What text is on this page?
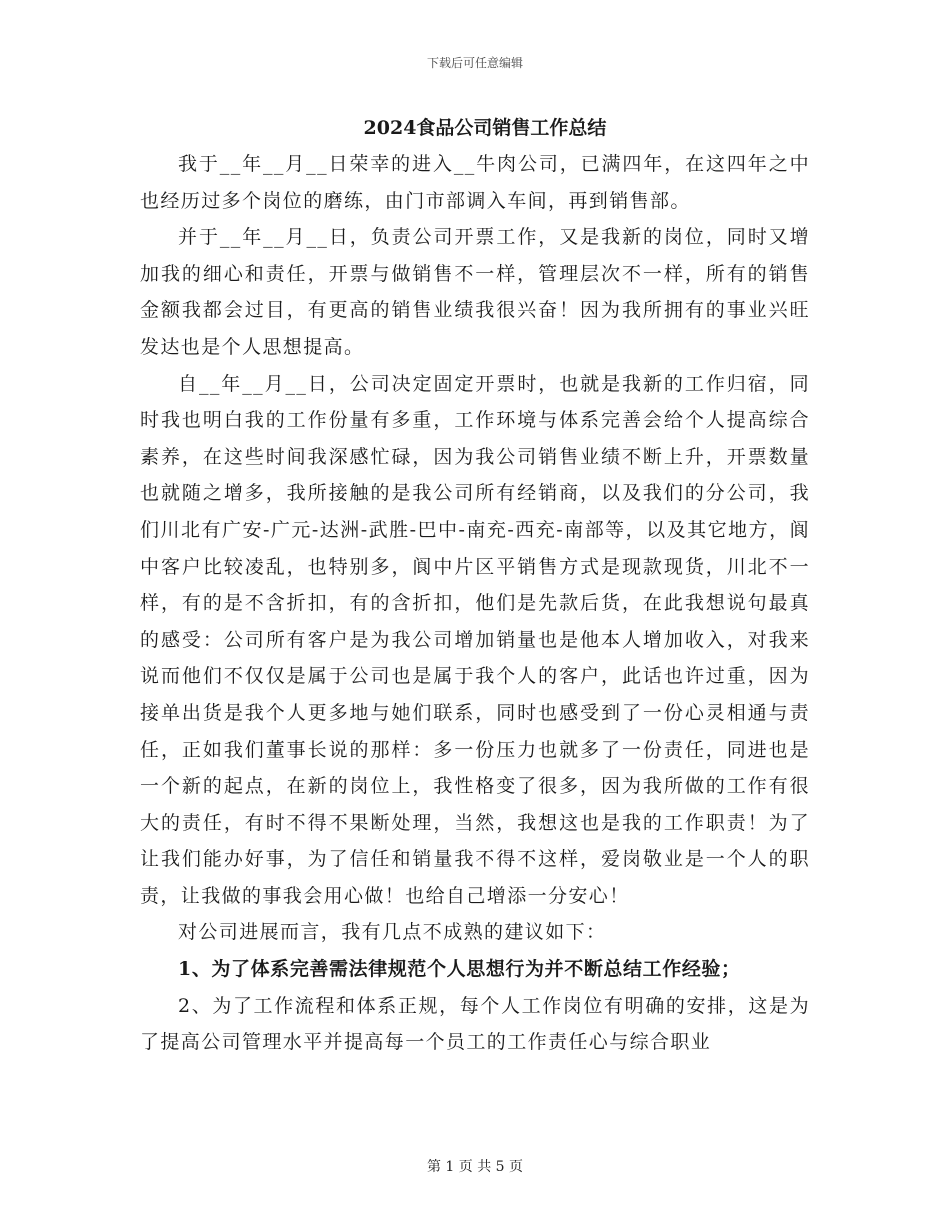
下载后可任意编辑
2024食品公司销售工作总结

我于__年__月__日荣幸的进入__牛肉公司，已满四年，在这四年之中也经历过多个岗位的磨练，由门市部调入车间，再到销售部。

并于__年__月__日，负责公司开票工作，又是我新的岗位，同时又增加我的细心和责任，开票与做销售不一样，管理层次不一样，所有的销售金额我都会过目，有更高的销售业绩我很兴奋！因为我所拥有的事业兴旺发达也是个人思想提高。

自__年__月__日，公司决定固定开票时，也就是我新的工作归宿，同时我也明白我的工作份量有多重，工作环境与体系完善会给个人提高综合素养，在这些时间我深感忙碌，因为我公司销售业绩不断上升，开票数量也就随之增多，我所接触的是我公司所有经销商，以及我们的分公司，我们川北有广安-广元-达洲-武胜-巴中-南充-西充-南部等，以及其它地方，阆中客户比较凌乱，也特别多，阆中片区平销售方式是现款现货，川北不一样，有的是不含折扣，有的含折扣，他们是先款后货，在此我想说句最真的感受：公司所有客户是为我公司增加销量也是他本人增加收入，对我来说而他们不仅仅是属于公司也是属于我个人的客户，此话也许过重，因为接单出货是我个人更多地与她们联系，同时也感受到了一份心灵相通与责任，正如我们董事长说的那样：多一份压力也就多了一份责任，同进也是一个新的起点，在新的岗位上，我性格变了很多，因为我所做的工作有很大的责任，有时不得不果断处理，当然，我想这也是我的工作职责！为了让我们能办好事，为了信任和销量我不得不这样，爱岗敬业是一个人的职责，让我做的事我会用心做！也给自己增添一分安心！

对公司进展而言，我有几点不成熟的建议如下：

1、为了体系完善需法律规范个人思想行为并不断总结工作经验；

2、为了工作流程和体系正规，每个人工作岗位有明确的安排，这是为了提高公司管理水平并提高每一个员工的工作责任心与综合职业

第 1 页 共 5 页
